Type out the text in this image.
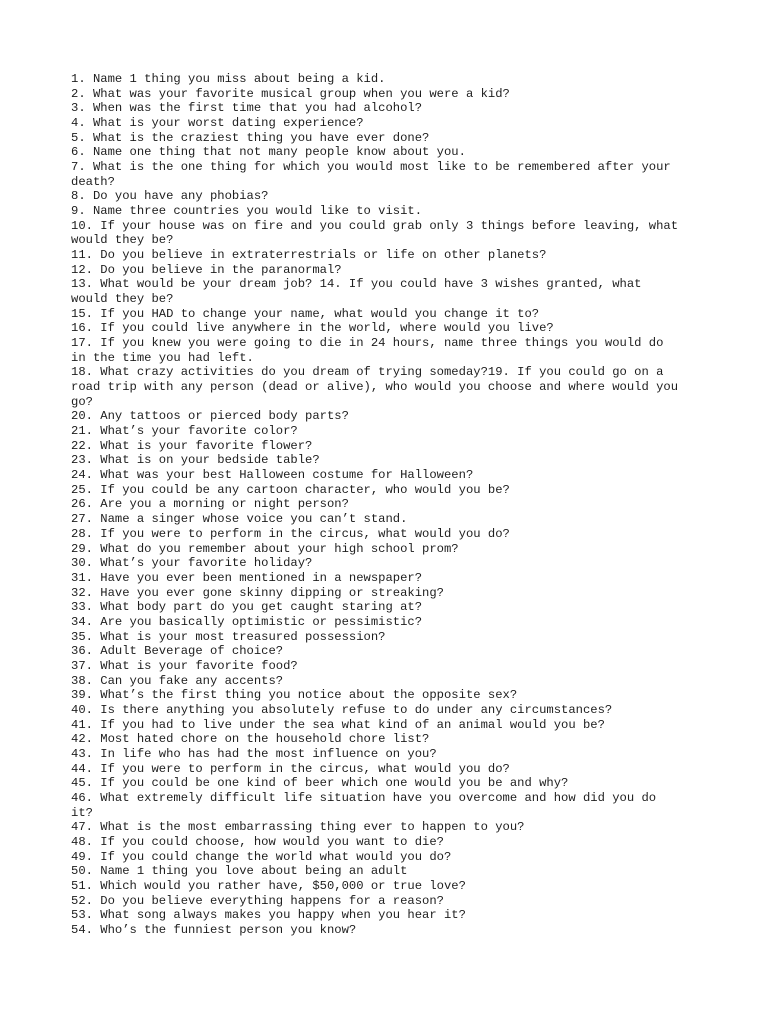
1. Name 1 thing you miss about being a kid.
2. What was your favorite musical group when you were a kid?
3. When was the first time that you had alcohol?
4. What is your worst dating experience?
5. What is the craziest thing you have ever done?
6. Name one thing that not many people know about you.
7. What is the one thing for which you would most like to be remembered after your
death?
8. Do you have any phobias?
9. Name three countries you would like to visit.
10. If your house was on fire and you could grab only 3 things before leaving, what
would they be?
11. Do you believe in extraterrestrials or life on other planets?
12. Do you believe in the paranormal?
13. What would be your dream job? 14. If you could have 3 wishes granted, what
would they be?
15. If you HAD to change your name, what would you change it to?
16. If you could live anywhere in the world, where would you live?
17. If you knew you were going to die in 24 hours, name three things you would do
in the time you had left.
18. What crazy activities do you dream of trying someday?19. If you could go on a
road trip with any person (dead or alive), who would you choose and where would you
go?
20. Any tattoos or pierced body parts?
21. What’s your favorite color?
22. What is your favorite flower?
23. What is on your bedside table?
24. What was your best Halloween costume for Halloween?
25. If you could be any cartoon character, who would you be?
26. Are you a morning or night person?
27. Name a singer whose voice you can’t stand.
28. If you were to perform in the circus, what would you do?
29. What do you remember about your high school prom?
30. What’s your favorite holiday?
31. Have you ever been mentioned in a newspaper?
32. Have you ever gone skinny dipping or streaking?
33. What body part do you get caught staring at?
34. Are you basically optimistic or pessimistic?
35. What is your most treasured possession?
36. Adult Beverage of choice?
37. What is your favorite food?
38. Can you fake any accents?
39. What’s the first thing you notice about the opposite sex?
40. Is there anything you absolutely refuse to do under any circumstances?
41. If you had to live under the sea what kind of an animal would you be?
42. Most hated chore on the household chore list?
43. In life who has had the most influence on you?
44. If you were to perform in the circus, what would you do?
45. If you could be one kind of beer which one would you be and why?
46. What extremely difficult life situation have you overcome and how did you do
it?
47. What is the most embarrassing thing ever to happen to you?
48. If you could choose, how would you want to die?
49. If you could change the world what would you do?
50. Name 1 thing you love about being an adult
51. Which would you rather have, $50,000 or true love?
52. Do you believe everything happens for a reason?
53. What song always makes you happy when you hear it?
54. Who’s the funniest person you know?
